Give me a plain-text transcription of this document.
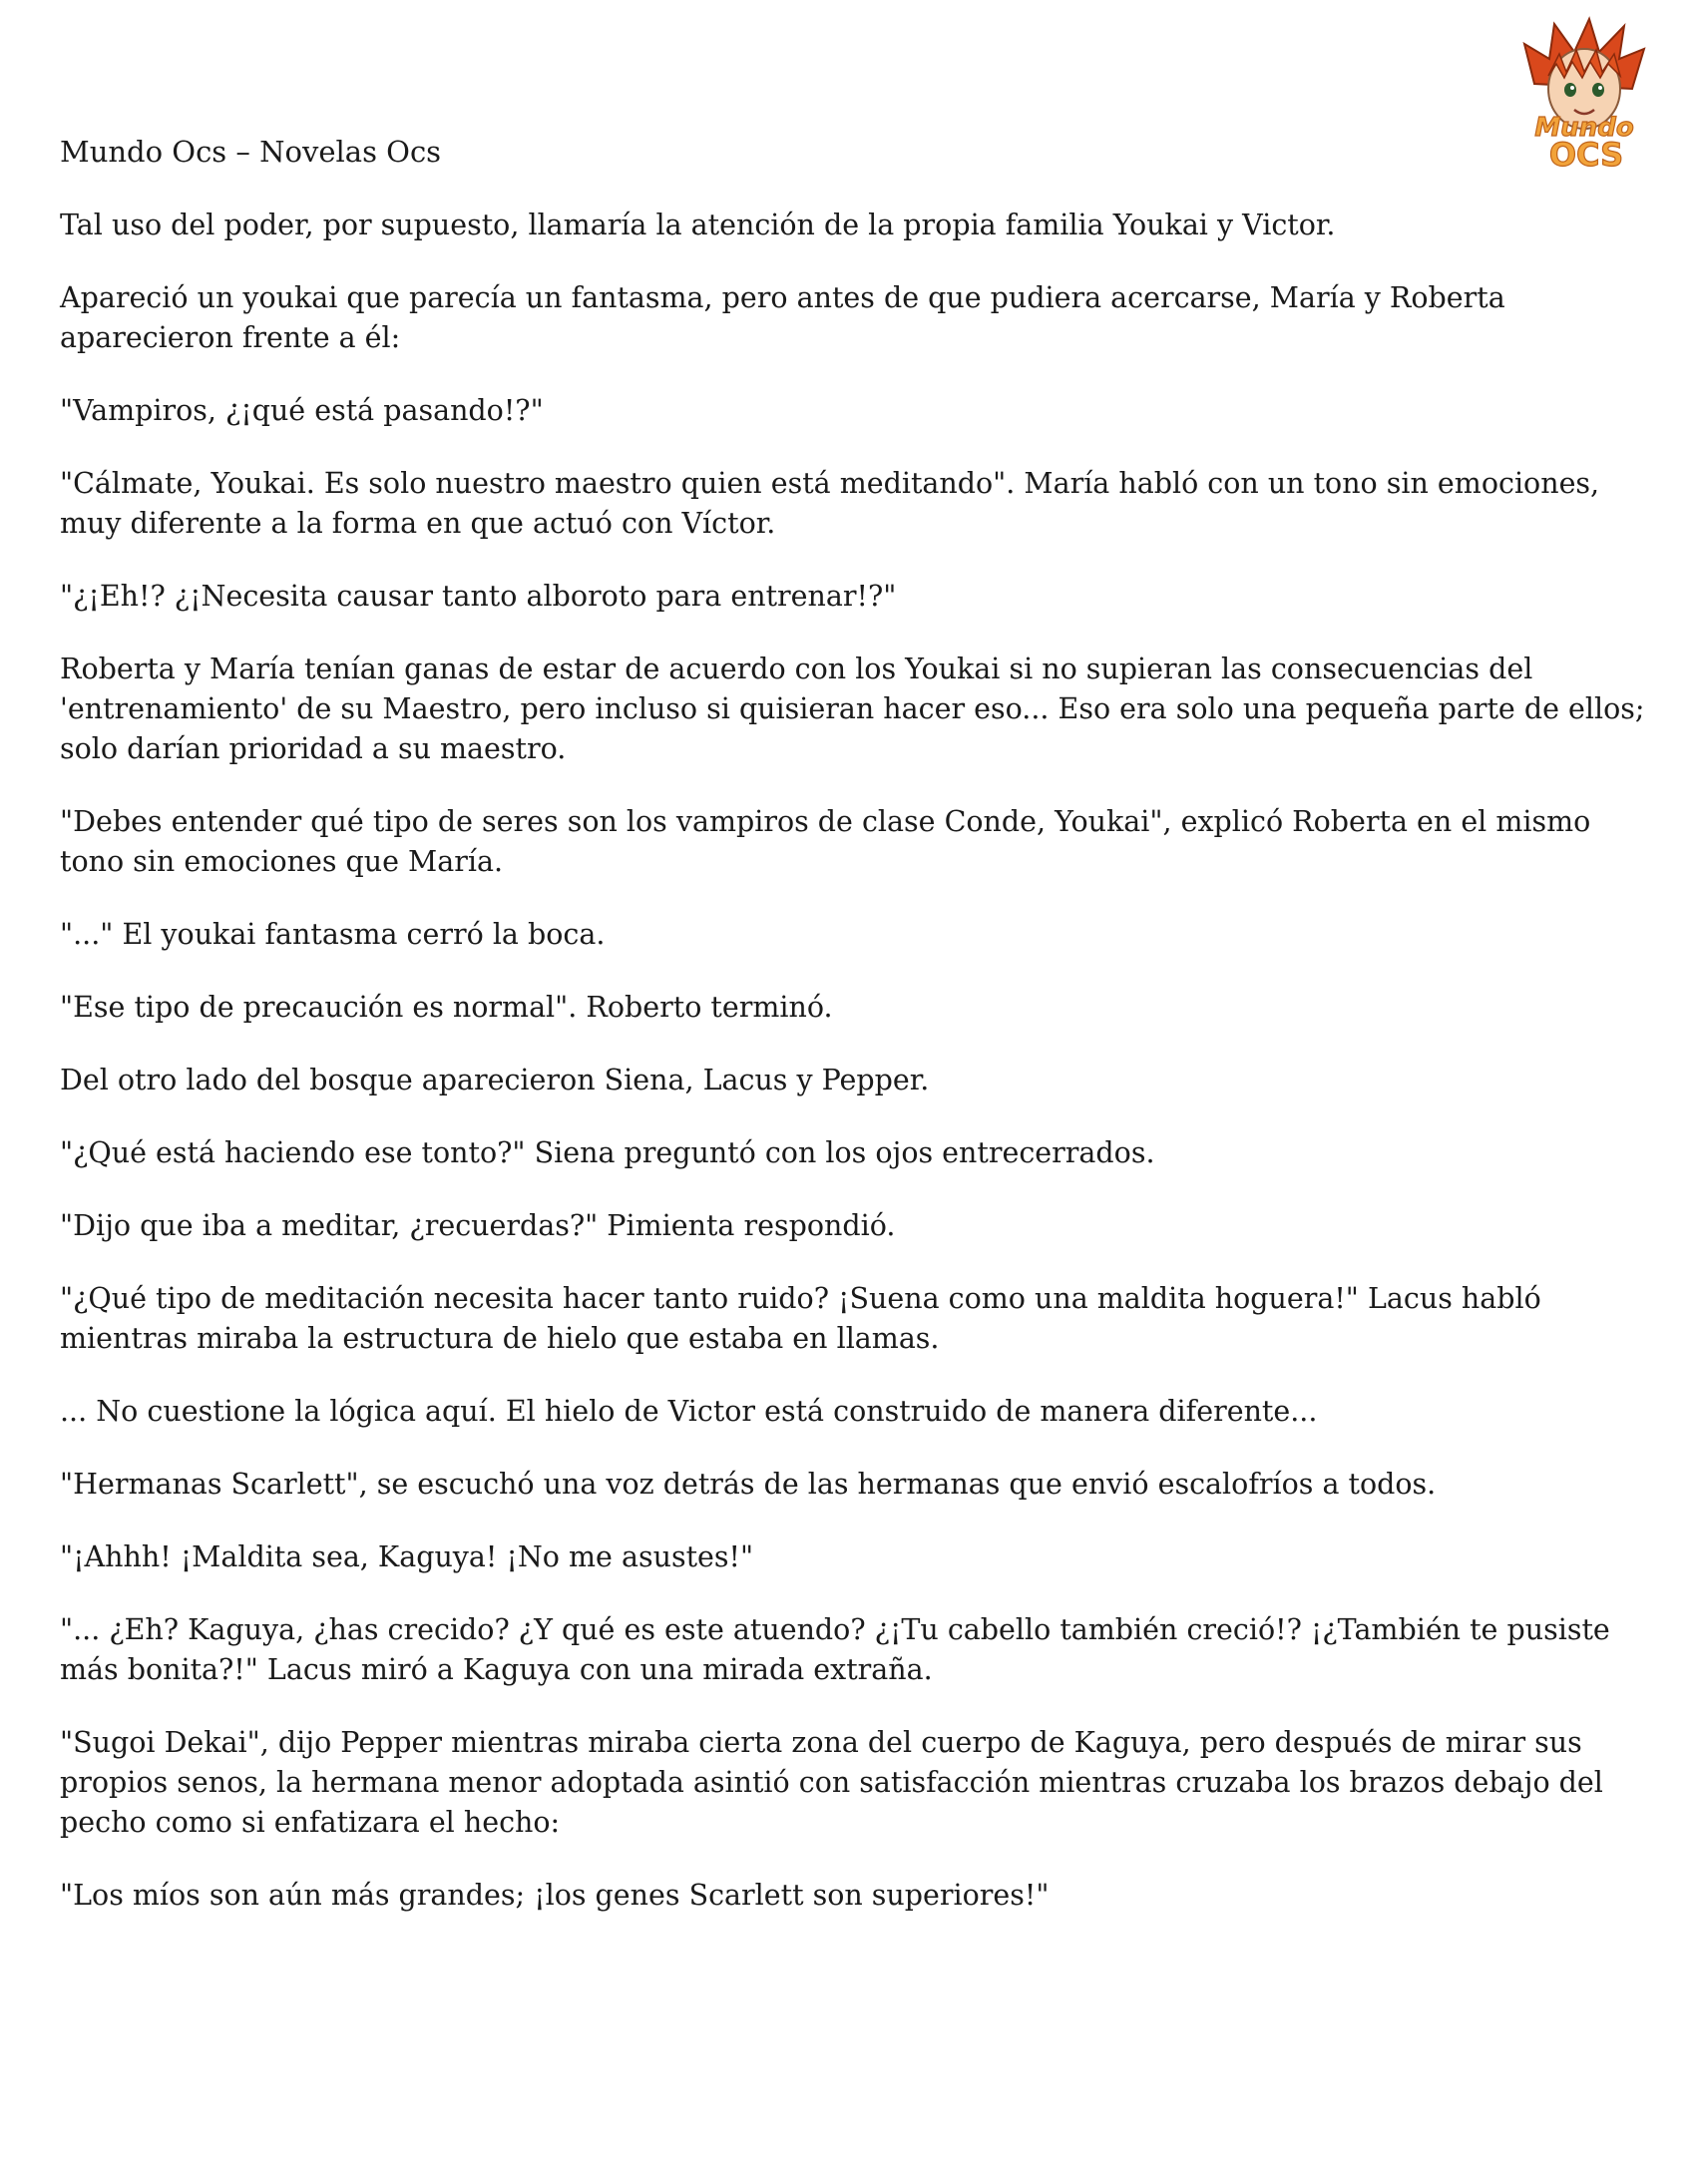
Mundo
OCS
Mundo Ocs – Novelas Ocs

Tal uso del poder, por supuesto, llamaría la atención de la propia familia Youkai y Victor.

Apareció un youkai que parecía un fantasma, pero antes de que pudiera acercarse, María y Roberta aparecieron frente a él:

"Vampiros, ¿¡qué está pasando!?"

"Cálmate, Youkai. Es solo nuestro maestro quien está meditando". María habló con un tono sin emociones, muy diferente a la forma en que actuó con Víctor.

"¿¡Eh!? ¿¡Necesita causar tanto alboroto para entrenar!?"

Roberta y María tenían ganas de estar de acuerdo con los Youkai si no supieran las consecuencias del 'entrenamiento' de su Maestro, pero incluso si quisieran hacer eso... Eso era solo una pequeña parte de ellos; solo darían prioridad a su maestro.

"Debes entender qué tipo de seres son los vampiros de clase Conde, Youkai", explicó Roberta en el mismo tono sin emociones que María.

"..." El youkai fantasma cerró la boca.

"Ese tipo de precaución es normal". Roberto terminó.

Del otro lado del bosque aparecieron Siena, Lacus y Pepper.

"¿Qué está haciendo ese tonto?" Siena preguntó con los ojos entrecerrados.

"Dijo que iba a meditar, ¿recuerdas?" Pimienta respondió.

"¿Qué tipo de meditación necesita hacer tanto ruido? ¡Suena como una maldita hoguera!" Lacus habló mientras miraba la estructura de hielo que estaba en llamas.

... No cuestione la lógica aquí. El hielo de Victor está construido de manera diferente...

"Hermanas Scarlett", se escuchó una voz detrás de las hermanas que envió escalofríos a todos.

"¡Ahhh! ¡Maldita sea, Kaguya! ¡No me asustes!"

"... ¿Eh? Kaguya, ¿has crecido? ¿Y qué es este atuendo? ¿¡Tu cabello también creció!? ¡¿También te pusiste más bonita?!" Lacus miró a Kaguya con una mirada extraña.

"Sugoi Dekai", dijo Pepper mientras miraba cierta zona del cuerpo de Kaguya, pero después de mirar sus propios senos, la hermana menor adoptada asintió con satisfacción mientras cruzaba los brazos debajo del pecho como si enfatizara el hecho:

"Los míos son aún más grandes; ¡los genes Scarlett son superiores!"
